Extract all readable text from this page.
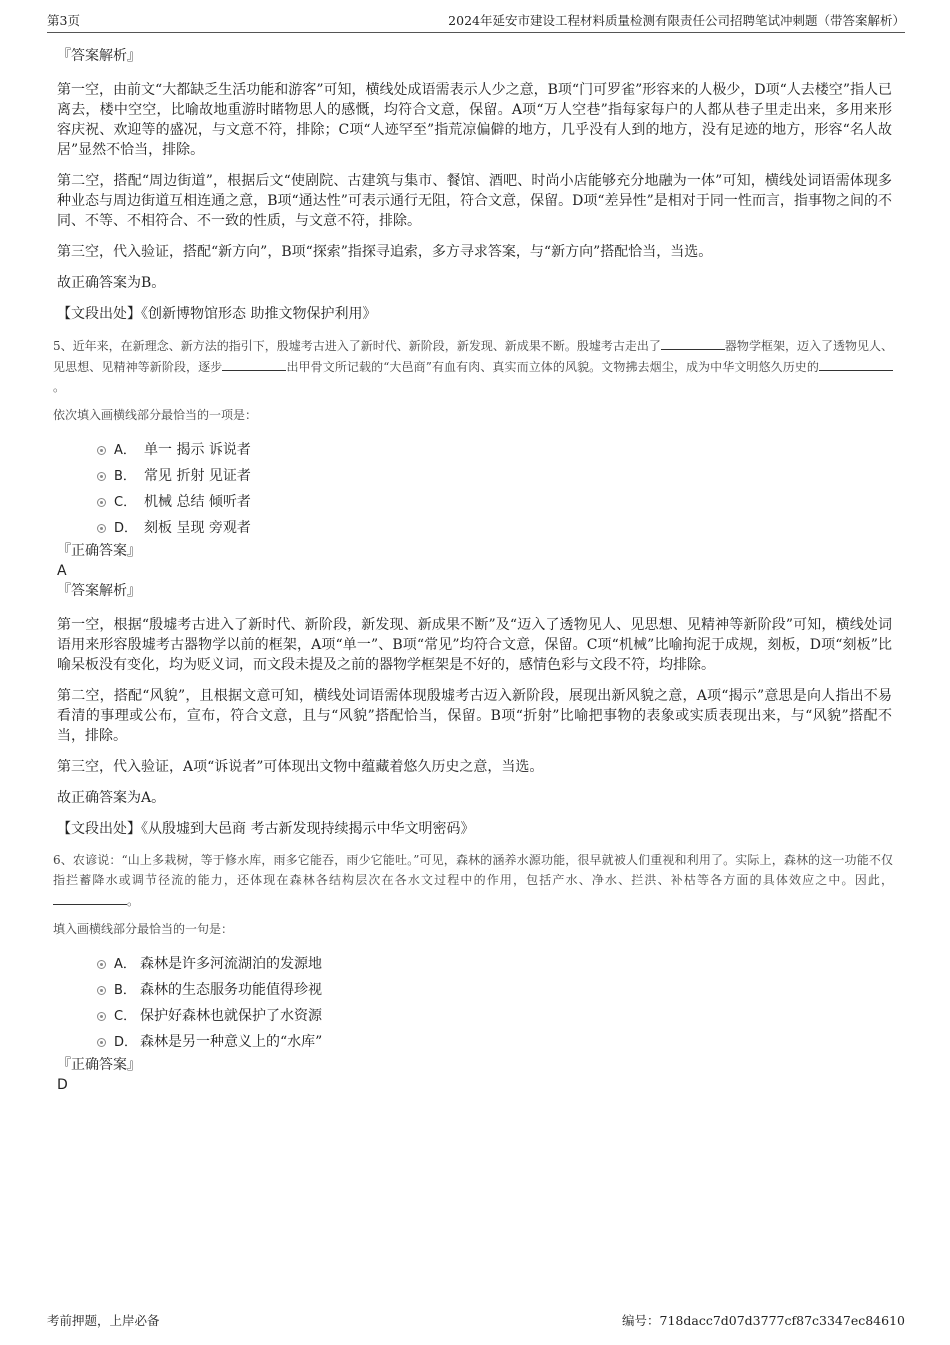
第3页	2024年延安市建设工程材料质量检测有限责任公司招聘笔试冲刺题（带答案解析）

『答案解析』

第一空，由前文“大都缺乏生活功能和游客”可知，横线处成语需表示人少之意，B项“门可罗雀”形容来的人极少，D项“人去楼空”指人已离去，楼中空空，比喻故地重游时睹物思人的感慨，均符合文意，保留。A项“万人空巷”指每家每户的人都从巷子里走出来，多用来形容庆祝、欢迎等的盛况，与文意不符，排除；C项“人迹罕至”指荒凉偏僻的地方，几乎没有人到的地方，没有足迹的地方，形容“名人故居”显然不恰当，排除。

第二空，搭配“周边街道”，根据后文“使剧院、古建筑与集市、餐馆、酒吧、时尚小店能够充分地融为一体”可知，横线处词语需体现多种业态与周边街道互相连通之意，B项“通达性”可表示通行无阻，符合文意，保留。D项“差异性”是相对于同一性而言，指事物之间的不同、不等、不相符合、不一致的性质，与文意不符，排除。

第三空，代入验证，搭配“新方向”，B项“探索”指探寻追索，多方寻求答案，与“新方向”搭配恰当，当选。

故正确答案为B。

【文段出处】《创新博物馆形态 助推文物保护利用》

5、近年来，在新理念、新方法的指引下，殷墟考古进入了新时代、新阶段，新发现、新成果不断。殷墟考古走出了	器物学框架，迈入了透物见人、见思想、见精神等新阶段，逐步	出甲骨文所记载的“大邑商”有血有肉、真实而立体的风貌。文物拂去烟尘，成为中华文明悠久历史的。

依次填入画横线部分最恰当的一项是：

A． 单一 揭示 诉说者
B． 常见 折射 见证者
C． 机械 总结 倾听者
D． 刻板 呈现 旁观者

『正确答案』

A

『答案解析』

第一空，根据“殷墟考古进入了新时代、新阶段，新发现、新成果不断”及“迈入了透物见人、见思想、见精神等新阶段”可知，横线处词语用来形容殷墟考古器物学以前的框架，A项“单一”、B项“常见”均符合文意，保留。C项“机械”比喻拘泥于成规，刻板，D项“刻板”比喻呆板没有变化，均为贬义词，而文段未提及之前的器物学框架是不好的，感情色彩与文段不符，均排除。

第二空，搭配“风貌”，且根据文意可知，横线处词语需体现殷墟考古迈入新阶段，展现出新风貌之意，A项“揭示”意思是向人指出不易看清的事理或公布，宣布，符合文意，且与“风貌”搭配恰当，保留。B项“折射”比喻把事物的表象或实质表现出来，与“风貌”搭配不当，排除。

第三空，代入验证，A项“诉说者”可体现出文物中蕴藏着悠久历史之意，当选。

故正确答案为A。

【文段出处】《从殷墟到大邑商 考古新发现持续揭示中华文明密码》

6、农谚说：“山上多栽树，等于修水库，雨多它能吞，雨少它能吐。”可见，森林的涵养水源功能，很早就被人们重视和利用了。实际上，森林的这一功能不仅指拦蓄降水或调节径流的能力，还体现在森林各结构层次在各水文过程中的作用，包括产水、净水、拦洪、补枯等各方面的具体效应之中。因此，。

填入画横线部分最恰当的一句是：

A． 森林是许多河流湖泊的发源地
B． 森林的生态服务功能值得珍视
C． 保护好森林也就保护了水资源
D． 森林是另一种意义上的“水库”

『正确答案』

D

考前押题，上岸必备	编号：718dacc7d07d3777cf87c3347ec84610
